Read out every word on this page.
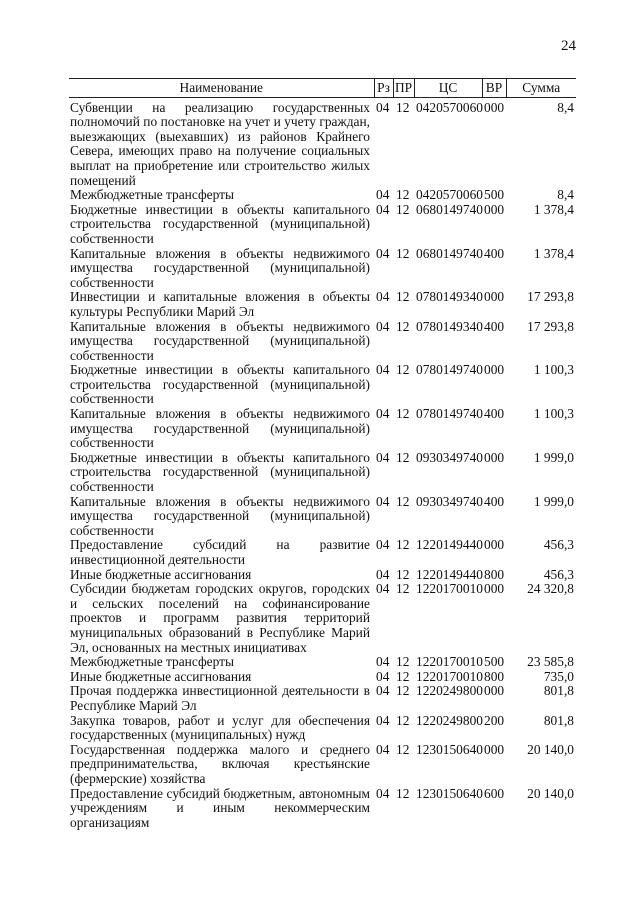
24
Наименование	Рз	ПР	ЦС	ВР	Сумма
Субвенции на реализацию государственных полномочий по постановке на учет и учету граждан, выезжающих (выехавших) из районов Крайнего Севера, имеющих право на получение социальных выплат на приобретение или строительство жилых помещений	04	12	0420570060	000	8,4
Межбюджетные трансферты	04	12	0420570060	500	8,4
Бюджетные инвестиции в объекты капитального строительства государственной (муниципальной) собственности	04	12	0680149740	000	1 378,4
Капитальные вложения в объекты недвижимого имущества государственной (муниципальной) собственности	04	12	0680149740	400	1 378,4
Инвестиции и капитальные вложения в объекты культуры Республики Марий Эл	04	12	0780149340	000	17 293,8
Капитальные вложения в объекты недвижимого имущества государственной (муниципальной) собственности	04	12	0780149340	400	17 293,8
Бюджетные инвестиции в объекты капитального строительства государственной (муниципальной) собственности	04	12	0780149740	000	1 100,3
Капитальные вложения в объекты недвижимого имущества государственной (муниципальной) собственности	04	12	0780149740	400	1 100,3
Бюджетные инвестиции в объекты капитального строительства государственной (муниципальной) собственности	04	12	0930349740	000	1 999,0
Капитальные вложения в объекты недвижимого имущества государственной (муниципальной) собственности	04	12	0930349740	400	1 999,0
Предоставление субсидий на развитие инвестиционной деятельности	04	12	1220149440	000	456,3
Иные бюджетные ассигнования	04	12	1220149440	800	456,3
Субсидии бюджетам городских округов, городских и сельских поселений на софинансирование проектов и программ развития территорий муниципальных образований в Республике Марий Эл, основанных на местных инициативах	04	12	1220170010	000	24 320,8
Межбюджетные трансферты	04	12	1220170010	500	23 585,8
Иные бюджетные ассигнования	04	12	1220170010	800	735,0
Прочая поддержка инвестиционной деятельности в Республике Марий Эл	04	12	1220249800	000	801,8
Закупка товаров, работ и услуг для обеспечения государственных (муниципальных) нужд	04	12	1220249800	200	801,8
Государственная поддержка малого и среднего предпринимательства, включая крестьянские (фермерские) хозяйства	04	12	1230150640	000	20 140,0
Предоставление субсидий бюджетным, автономным учреждениям и иным некоммерческим организациям	04	12	1230150640	600	20 140,0
